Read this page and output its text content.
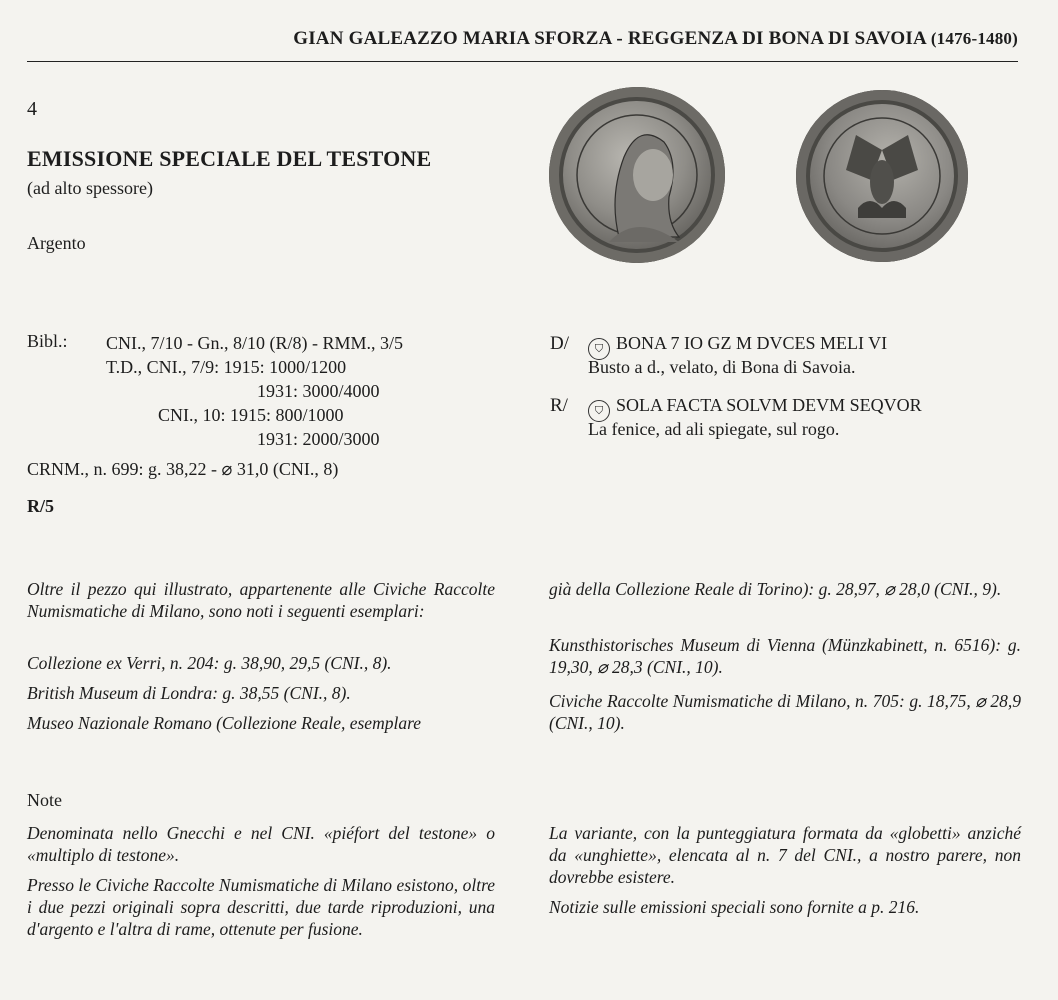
GIAN GALEAZZO MARIA SFORZA - REGGENZA DI BONA DI SAVOIA (1476-1480)
4
EMISSIONE SPECIALE DEL TESTONE
(ad alto spessore)
Argento
Bibl.: CNI., 7/10 - Gn., 8/10 (R/8) - RMM., 3/5
T.D., CNI., 7/9: 1915: 1000/1200
1931: 3000/4000
CNI., 10: 1915: 800/1000
1931: 2000/3000
CRNM., n. 699: g. 38,22 - ⌀ 31,0 (CNI., 8)
R/5
D/	⛉ BONA 7 IO GZ M DVCES MELI VI
Busto a d., velato, di Bona di Savoia.
R/	⛉ SOLA FACTA SOLVM DEVM SEQVOR
La fenice, ad ali spiegate, sul rogo.
Oltre il pezzo qui illustrato, appartenente alle Civiche Raccolte Numismatiche di Milano, sono noti i seguenti esemplari:
Collezione ex Verri, n. 204: g. 38,90, 29,5 (CNI., 8).
British Museum di Londra: g. 38,55 (CNI., 8).
Museo Nazionale Romano (Collezione Reale, esemplare
già della Collezione Reale di Torino): g. 28,97, ⌀ 28,0 (CNI., 9).
Kunsthistorisches Museum di Vienna (Münzkabinett, n. 6516): g. 19,30, ⌀ 28,3 (CNI., 10).
Civiche Raccolte Numismatiche di Milano, n. 705: g. 18,75, ⌀ 28,9 (CNI., 10).
Note
Denominata nello Gnecchi e nel CNI. «piéfort del testone» o «multiplo di testone».
Presso le Civiche Raccolte Numismatiche di Milano esistono, oltre i due pezzi originali sopra descritti, due tarde riproduzioni, una d'argento e l'altra di rame, ottenute per fusione.
La variante, con la punteggiatura formata da «globetti» anziché da «unghiette», elencata al n. 7 del CNI., a nostro parere, non dovrebbe esistere.
Notizie sulle emissioni speciali sono fornite a p. 216.
